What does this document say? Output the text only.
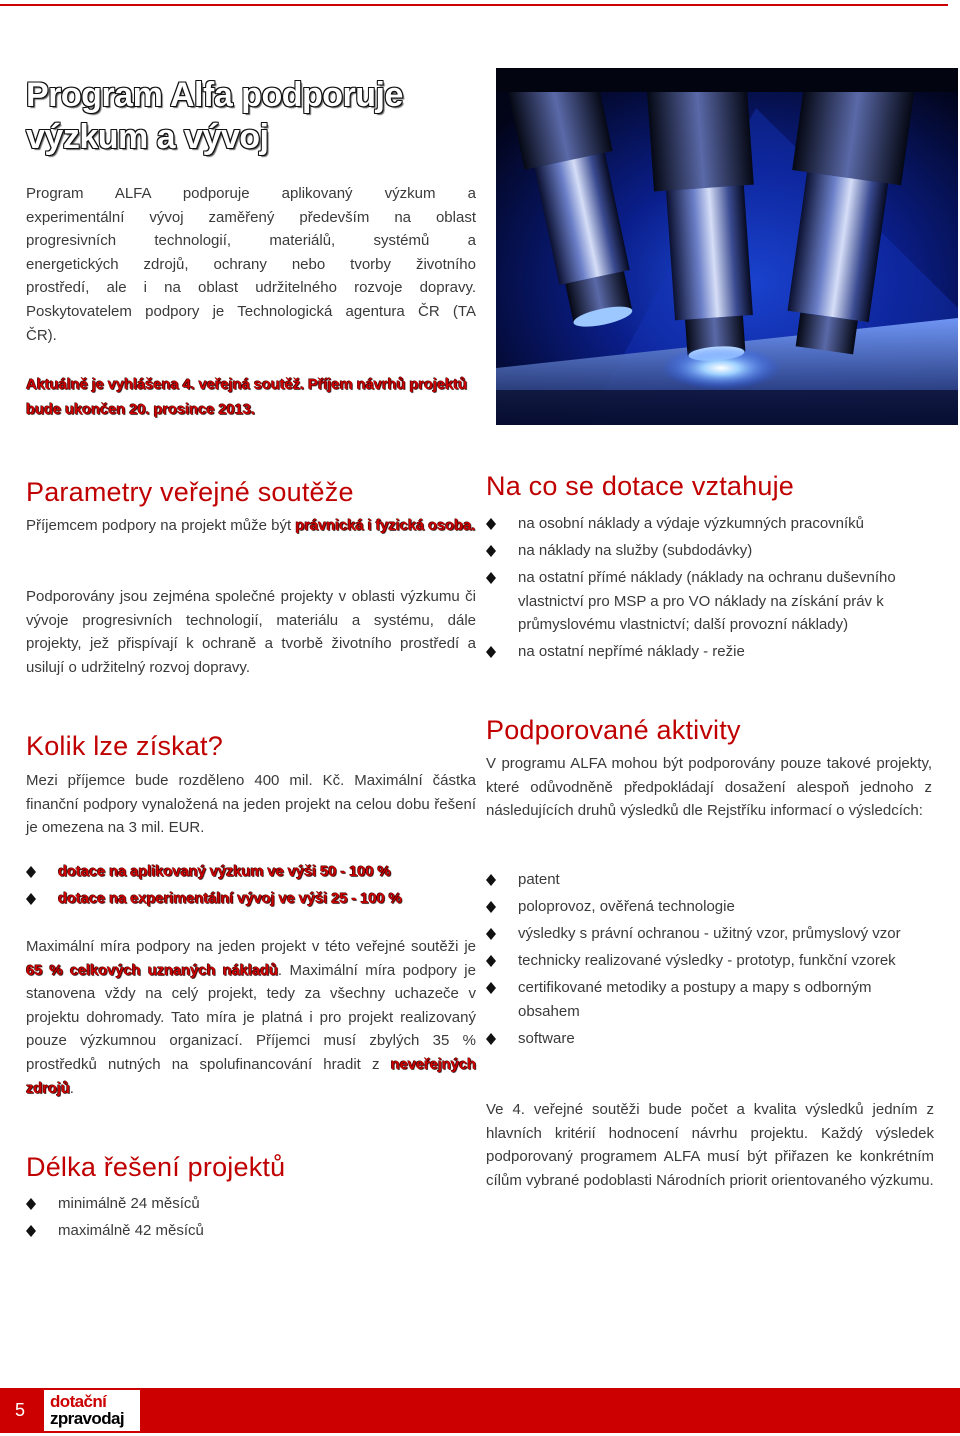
Program Alfa podporuje
výzkum a vývoj
Program ALFA podporuje aplikovaný výzkum a
experimentální vývoj zaměřený především na oblast
progresivních technologií, materiálů, systémů a
energetických zdrojů, ochrany nebo tvorby životního
prostředí, ale i na oblast udržitelného rozvoje dopravy.
Poskytovatelem podpory je Technologická agentura ČR (TA
ČR).
Aktuálně je vyhlášena 4. veřejná soutěž. Příjem návrhů projektů bude ukončen 20. prosince 2013.
Parametry veřejné soutěže
Příjemcem podpory na projekt může být právnická i fyzická osoba.
Podporovány jsou zejména společné projekty v oblasti výzkumu či vývoje progresivních technologií, materiálu a systému, dále projekty, jež přispívají k ochraně a tvorbě životního prostředí a usilují o udržitelný rozvoj dopravy.
Na co se dotace vztahuje
na osobní náklady a výdaje výzkumných pracovníků
na náklady na služby (subdodávky)
na ostatní přímé náklady (náklady na ochranu duševního vlastnictví pro MSP a pro VO náklady na získání práv k průmyslovému vlastnictví; další provozní náklady)
na ostatní nepřímé náklady - režie
Kolik lze získat?
Mezi příjemce bude rozděleno 400 mil. Kč. Maximální částka finanční podpory vynaložená na jeden projekt na celou dobu řešení je omezena na 3 mil. EUR.
dotace na aplikovaný výzkum ve výši 50 - 100 %
dotace na experimentální vývoj ve výši 25 - 100 %
Maximální míra podpory na jeden projekt v této veřejné soutěži je 65 % celkových uznaných nákladů. Maximální míra podpory je stanovena vždy na celý projekt, tedy za všechny uchazeče v projektu dohromady. Tato míra je platná i pro projekt realizovaný pouze výzkumnou organizací. Příjemci musí zbylých 35 % prostředků nutných na spolufinancování hradit z neveřejných zdrojů.
Délka řešení projektů
minimálně 24 měsíců
maximálně 42 měsíců
Podporované aktivity
V programu ALFA mohou být podporovány pouze takové projekty, které odůvodněně předpokládají dosažení alespoň jednoho z následujících druhů výsledků dle Rejstříku informací o výsledcích:
patent
poloprovoz, ověřená technologie
výsledky s právní ochranou - užitný vzor, průmyslový vzor
technicky realizované výsledky - prototyp, funkční vzorek
certifikované metodiky a postupy a mapy s odborným obsahem
software
Ve 4. veřejné soutěži bude počet a kvalita výsledků jedním z hlavních kritérií hodnocení návrhu projektu. Každý výsledek podporovaný programem ALFA musí být přiřazen ke konkrétním cílům vybrané podoblasti Národních priorit orientovaného výzkumu.
5	dotační
zpravodaj
